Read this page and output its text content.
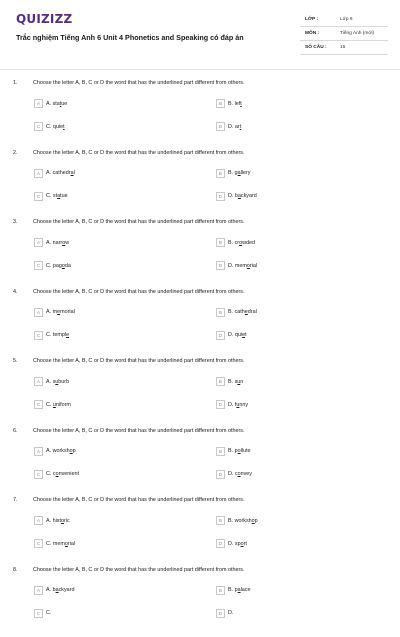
QUIZIZZ
Trắc nghiệm Tiếng Anh 6 Unit 4 Phonetics and Speaking có đáp án
LỚP :	Lớp 6
MÔN :	Tiếng Anh (mới)
SỐ CÂU :	15
1.	Choose the letter A, B, C or D the word that has the underlined part different from others.
A	A. statue	B	B. left
C	C. quiet	D	D. art
2.	Choose the letter A, B, C or D the word that has the underlined part different from others.
A	A. cathedral	B	B. gallery
C	C. statue	D	D. backyard
3.	Choose the letter A, B, C or D the word that has the underlined part different from others.
A	A. narrow	B	B. crowded
C	C. pagoda	D	D. memorial
4.	Choose the letter A, B, C or D the word that has the underlined part different from others.
A	A. memorial	B	B. cathedral
C	C. temple	D	D. quiet
5.	Choose the letter A, B, C or D the word that has the underlined part different from others.
A	A. suburb	B	B. sun
C	C. uniform	D	D. funny
6.	Choose the letter A, B, C or D the word that has the underlined part different from others.
A	A. workshop	B	B. pollute
C	C. convenient	D	D. convey
7.	Choose the letter A, B, C or D the word that has the underlined part different from others.
A	A. historic	B	B. workshop
C	C. memorial	D	D. sport
8.	Choose the letter A, B, C or D the word that has the underlined part different from others.
A	A. backyard	B	B. palace
C	C.	D	D.
